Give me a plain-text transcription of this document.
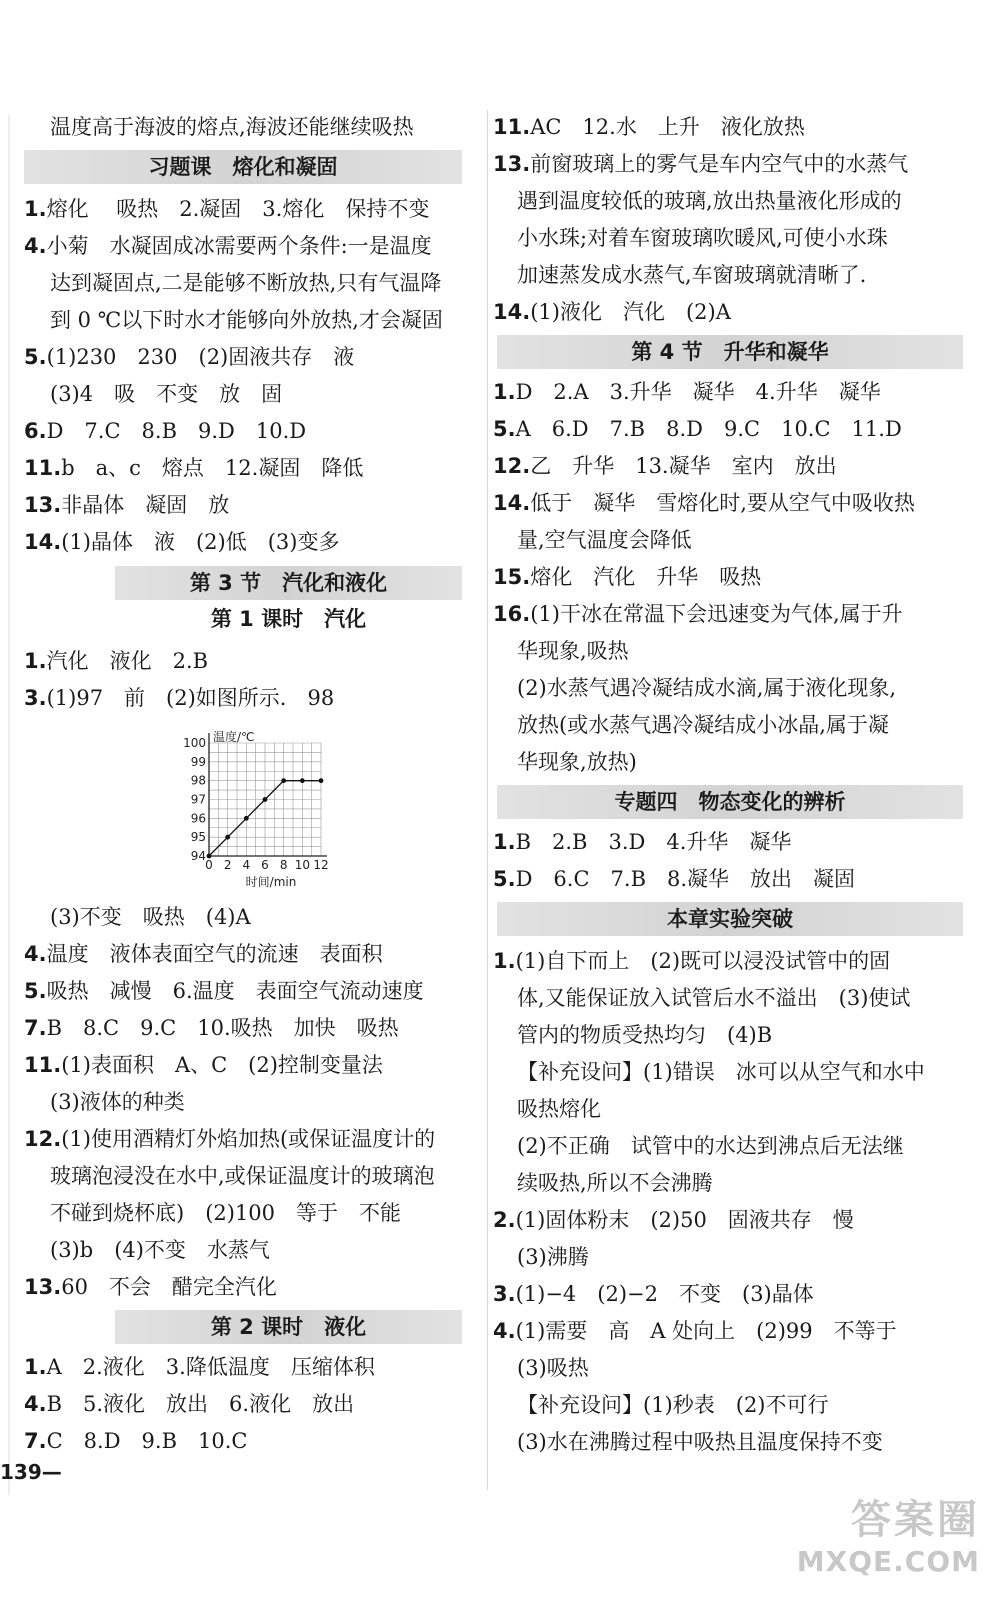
温度高于海波的熔点,海波还能继续吸热
习题课　熔化和凝固
1.熔化　 吸热　2.凝固　3.熔化　保持不变
4.小菊　水凝固成冰需要两个条件:一是温度
达到凝固点,二是能够不断放热,只有气温降
到 0 ℃以下时水才能够向外放热,才会凝固
5.(1)230　230　(2)固液共存　液
(3)4　吸　不变　放　固
6.D　7.C　8.B　9.D　10.D
11.b　a、c　熔点　12.凝固　降低
13.非晶体　凝固　放
14.(1)晶体　液　(2)低　(3)变多
第 3 节　汽化和液化
第 1 课时　汽化
1.汽化　液化　2.B
3.(1)97　前　(2)如图所示.　98
94
95
96
97
98
99
100
0 2 4 6 8 10 12
温度/℃
时间/min
(3)不变　吸热　(4)A
4.温度　液体表面空气的流速　表面积
5.吸热　减慢　6.温度　表面空气流动速度
7.B　8.C　9.C　10.吸热　加快　吸热
11.(1)表面积　A、C　(2)控制变量法
(3)液体的种类
12.(1)使用酒精灯外焰加热(或保证温度计的
玻璃泡浸没在水中,或保证温度计的玻璃泡
不碰到烧杯底)　(2)100　等于　不能
(3)b　(4)不变　水蒸气
13.60　不会　醋完全汽化
第 2 课时　液化
1.A　2.液化　3.降低温度　压缩体积
4.B　5.液化　放出　6.液化　放出
7.C　8.D　9.B　10.C
11.AC　12.水　上升　液化放热
13.前窗玻璃上的雾气是车内空气中的水蒸气
遇到温度较低的玻璃,放出热量液化形成的
小水珠;对着车窗玻璃吹暖风,可使小水珠
加速蒸发成水蒸气,车窗玻璃就清晰了.
14.(1)液化　汽化　(2)A
第 4 节　升华和凝华
1.D　2.A　3.升华　凝华　4.升华　凝华
5.A　6.D　7.B　8.D　9.C　10.C　11.D
12.乙　升华　13.凝华　室内　放出
14.低于　凝华　雪熔化时,要从空气中吸收热
量,空气温度会降低
15.熔化　汽化　升华　吸热
16.(1)干冰在常温下会迅速变为气体,属于升
华现象,吸热
(2)水蒸气遇冷凝结成水滴,属于液化现象,
放热(或水蒸气遇冷凝结成小冰晶,属于凝
华现象,放热)
专题四　物态变化的辨析
1.B　2.B　3.D　4.升华　凝华
5.D　6.C　7.B　8.凝华　放出　凝固
本章实验突破
1.(1)自下而上　(2)既可以浸没试管中的固
体,又能保证放入试管后水不溢出　(3)使试
管内的物质受热均匀　(4)B
【补充设问】(1)错误　冰可以从空气和水中
吸热熔化
(2)不正确　试管中的水达到沸点后无法继
续吸热,所以不会沸腾
2.(1)固体粉末　(2)50　固液共存　慢
(3)沸腾
3.(1)−4　(2)−2　不变　(3)晶体
4.(1)需要　高　A 处向上　(2)99　不等于
(3)吸热
【补充设问】(1)秒表　(2)不可行
(3)水在沸腾过程中吸热且温度保持不变
139—
答案圈
MXQE.COM
